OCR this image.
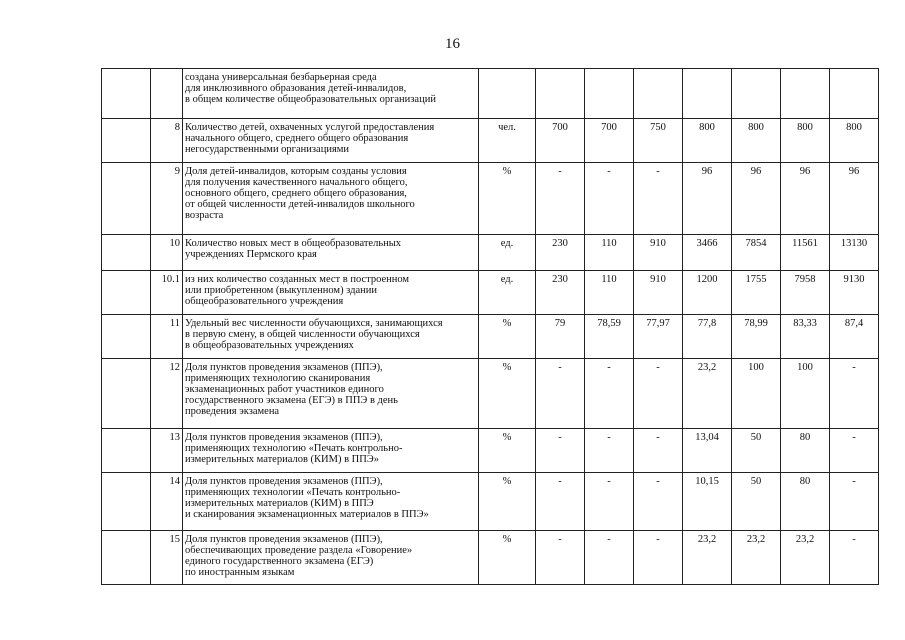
16
		создана универсальная безбарьерная среда
для инклюзивного образования детей-инвалидов,
в общем количестве общеобразовательных организаций								
	8	Количество детей, охваченных услугой предоставления
начального общего, среднего общего образования
негосударственными организациями	чел.	700	700	750	800	800	800	800
	9	Доля детей-инвалидов, которым созданы условия
для получения качественного начального общего,
основного общего, среднего общего образования,
от общей численности детей-инвалидов школьного
возраста	%	-	-	-	96	96	96	96
	10	Количество новых мест в общеобразовательных
учреждениях Пермского края	ед.	230	110	910	3466	7854	11561	13130
	10.1	из них количество созданных мест в построенном
или приобретенном (выкупленном) здании
общеобразовательного учреждения	ед.	230	110	910	1200	1755	7958	9130
	11	Удельный вес численности обучающихся, занимающихся
в первую смену, в общей численности обучающихся
в общеобразовательных учреждениях	%	79	78,59	77,97	77,8	78,99	83,33	87,4
	12	Доля пунктов проведения экзаменов (ППЭ),
применяющих технологию сканирования
экзаменационных работ участников единого
государственного экзамена (ЕГЭ) в ППЭ в день
проведения экзамена	%	-	-	-	23,2	100	100	-
	13	Доля пунктов проведения экзаменов (ППЭ),
применяющих технологию «Печать контрольно-
измерительных материалов (КИМ) в ППЭ»	%	-	-	-	13,04	50	80	-
	14	Доля пунктов проведения экзаменов (ППЭ),
применяющих технологии «Печать контрольно-
измерительных материалов (КИМ) в ППЭ
и сканирования экзаменационных материалов в ППЭ»	%	-	-	-	10,15	50	80	-
	15	Доля пунктов проведения экзаменов (ППЭ),
обеспечивающих проведение раздела «Говорение»
единого государственного экзамена (ЕГЭ)
по иностранным языкам	%	-	-	-	23,2	23,2	23,2	-
